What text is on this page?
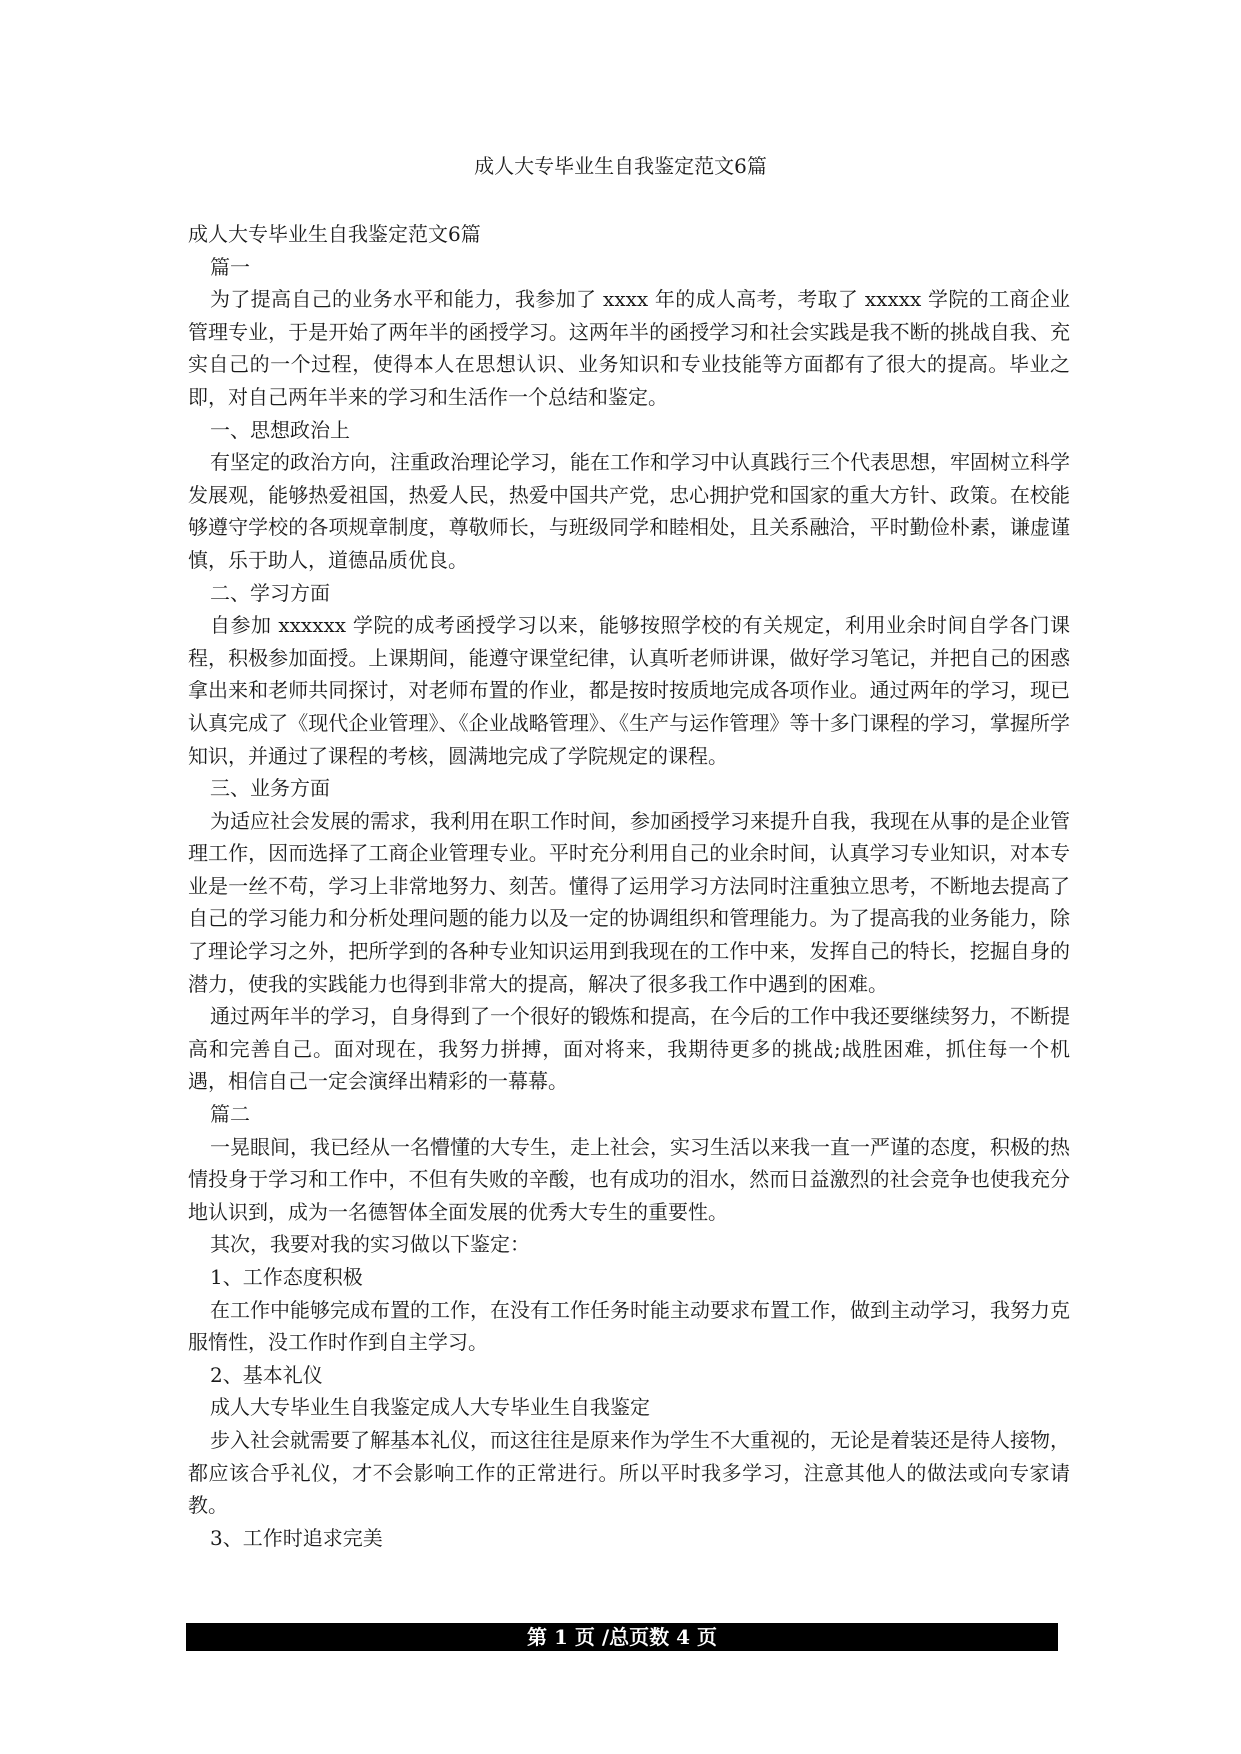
成人大专毕业生自我鉴定范文6篇

成人大专毕业生自我鉴定范文6篇

篇一

为了提高自己的业务水平和能力，我参加了 xxxx 年的成人高考，考取了 xxxxx 学院的工商企业管理专业，于是开始了两年半的函授学习。这两年半的函授学习和社会实践是我不断的挑战自我、充实自己的一个过程，使得本人在思想认识、业务知识和专业技能等方面都有了很大的提高。毕业之即，对自己两年半来的学习和生活作一个总结和鉴定。

一、思想政治上

有坚定的政治方向，注重政治理论学习，能在工作和学习中认真践行三个代表思想，牢固树立科学发展观，能够热爱祖国，热爱人民，热爱中国共产党，忠心拥护党和国家的重大方针、政策。在校能够遵守学校的各项规章制度，尊敬师长，与班级同学和睦相处，且关系融洽，平时勤俭朴素，谦虚谨慎，乐于助人，道德品质优良。

二、学习方面

自参加 xxxxxx 学院的成考函授学习以来，能够按照学校的有关规定，利用业余时间自学各门课程，积极参加面授。上课期间，能遵守课堂纪律，认真听老师讲课，做好学习笔记，并把自己的困惑拿出来和老师共同探讨，对老师布置的作业，都是按时按质地完成各项作业。通过两年的学习，现已认真完成了《现代企业管理》、《企业战略管理》、《生产与运作管理》等十多门课程的学习，掌握所学知识，并通过了课程的考核，圆满地完成了学院规定的课程。

三、业务方面

为适应社会发展的需求，我利用在职工作时间，参加函授学习来提升自我，我现在从事的是企业管理工作，因而选择了工商企业管理专业。平时充分利用自己的业余时间，认真学习专业知识，对本专业是一丝不苟，学习上非常地努力、刻苦。懂得了运用学习方法同时注重独立思考，不断地去提高了自己的学习能力和分析处理问题的能力以及一定的协调组织和管理能力。为了提高我的业务能力，除了理论学习之外，把所学到的各种专业知识运用到我现在的工作中来，发挥自己的特长，挖掘自身的潜力，使我的实践能力也得到非常大的提高，解决了很多我工作中遇到的困难。

通过两年半的学习，自身得到了一个很好的锻炼和提高，在今后的工作中我还要继续努力，不断提高和完善自己。面对现在，我努力拼搏，面对将来，我期待更多的挑战;战胜困难，抓住每一个机遇，相信自己一定会演绎出精彩的一幕幕。

篇二

一晃眼间，我已经从一名懵懂的大专生，走上社会，实习生活以来我一直一严谨的态度，积极的热情投身于学习和工作中，不但有失败的辛酸，也有成功的泪水，然而日益激烈的社会竞争也使我充分地认识到，成为一名德智体全面发展的优秀大专生的重要性。

其次，我要对我的实习做以下鉴定：

1、工作态度积极

在工作中能够完成布置的工作，在没有工作任务时能主动要求布置工作，做到主动学习，我努力克服惰性，没工作时作到自主学习。

2、基本礼仪

成人大专毕业生自我鉴定成人大专毕业生自我鉴定

步入社会就需要了解基本礼仪，而这往往是原来作为学生不大重视的，无论是着装还是待人接物，都应该合乎礼仪，才不会影响工作的正常进行。所以平时我多学习，注意其他人的做法或向专家请教。

3、工作时追求完美

第 1 页 /总页数 4 页
